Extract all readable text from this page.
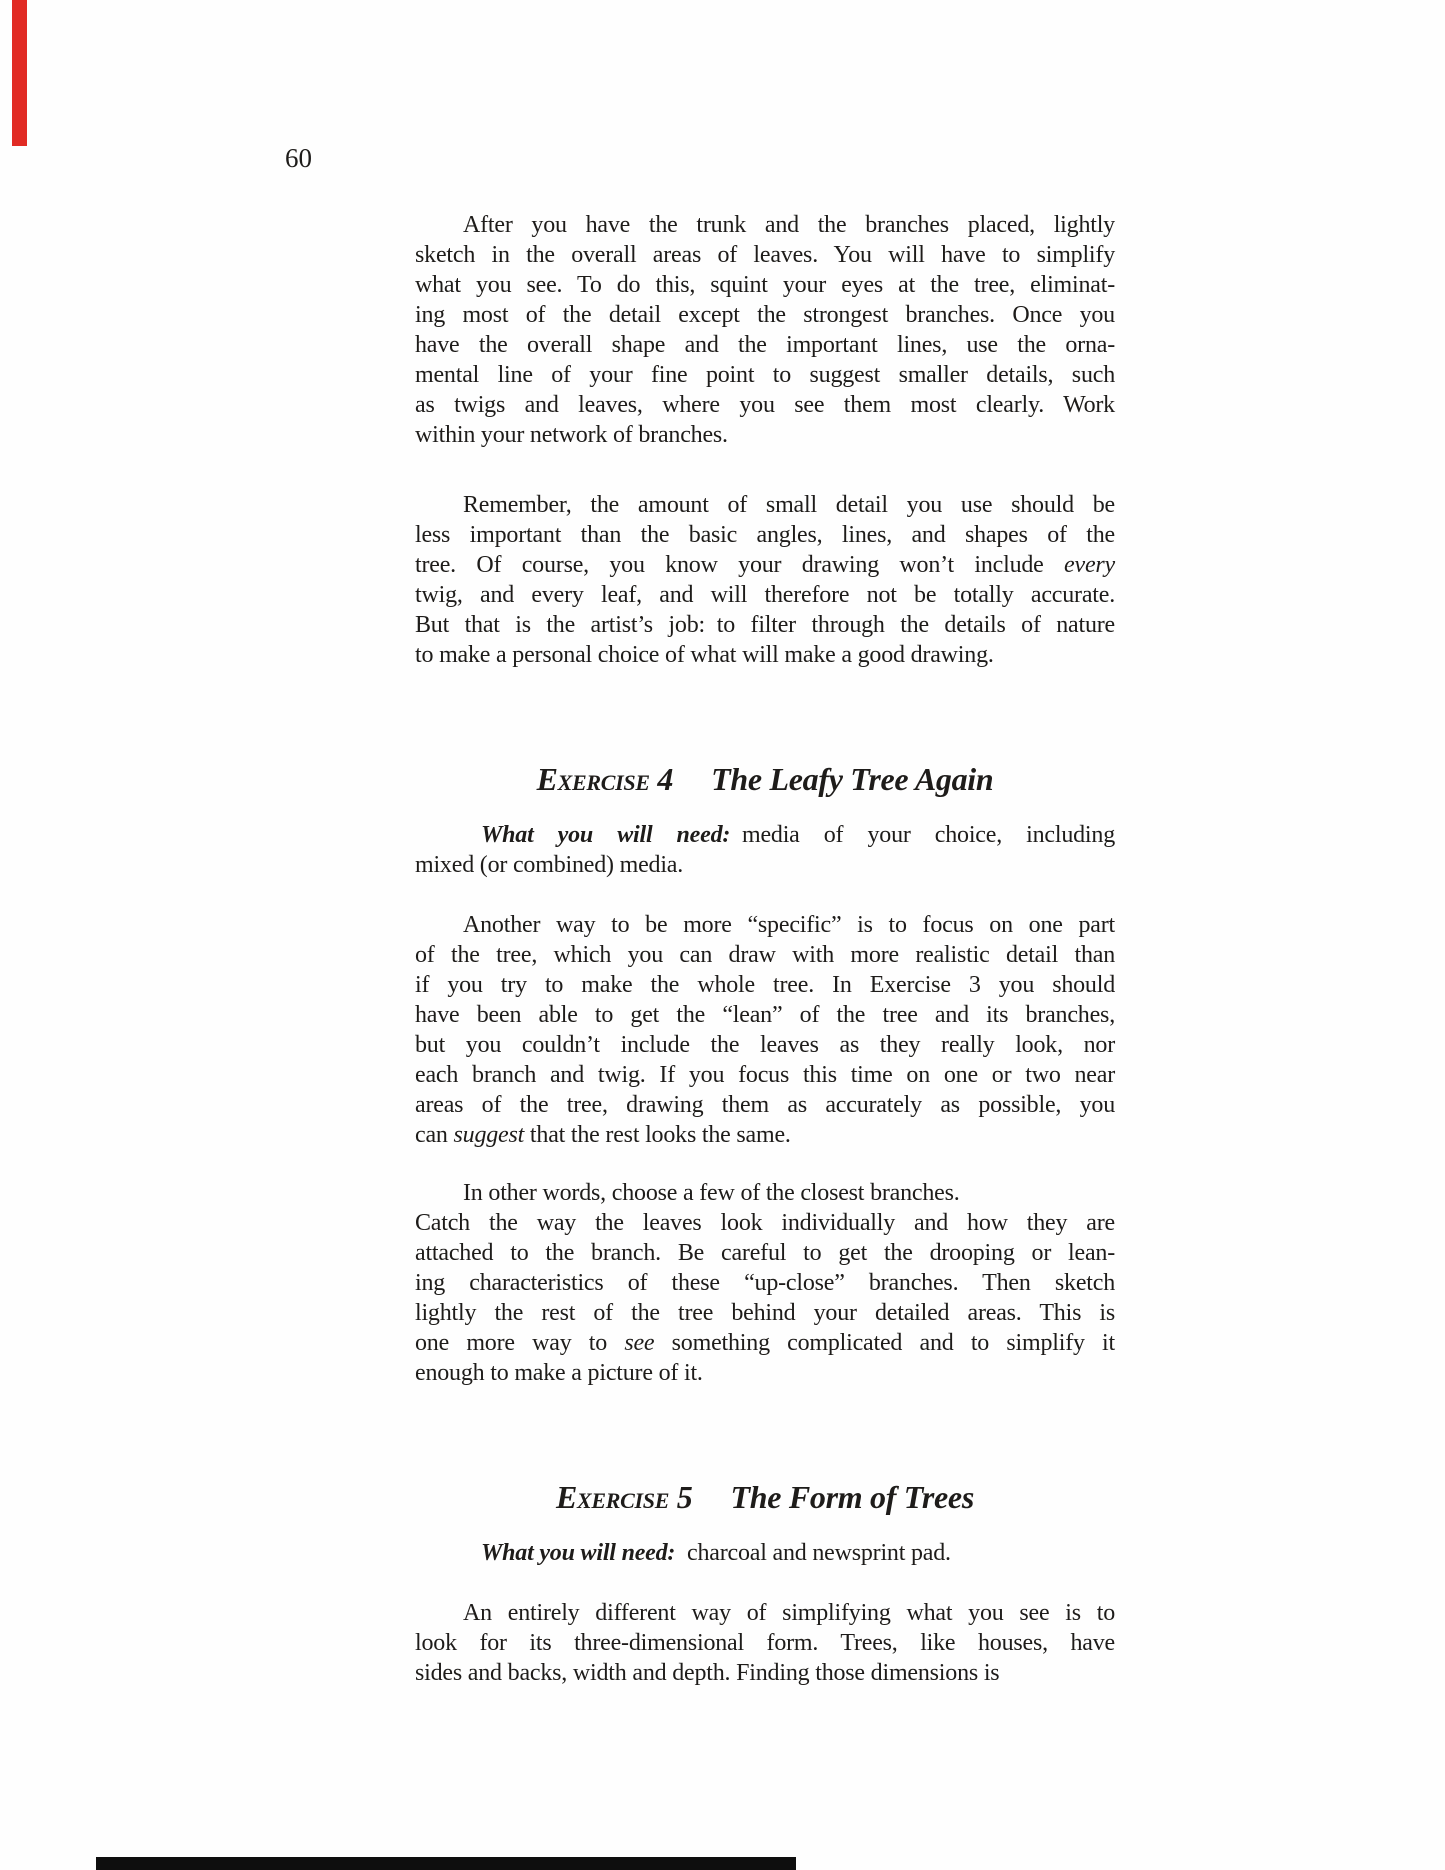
60

After you have the trunk and the branches placed, lightly
sketch in the overall areas of leaves. You will have to simplify
what you see. To do this, squint your eyes at the tree, eliminat-
ing most of the detail except the strongest branches. Once you
have the overall shape and the important lines, use the orna-
mental line of your fine point to suggest smaller details, such
as twigs and leaves, where you see them most clearly. Work
within your network of branches.

Remember, the amount of small detail you use should be
less important than the basic angles, lines, and shapes of the
tree. Of course, you know your drawing won’t include every
twig, and every leaf, and will therefore not be totally accurate.
But that is the artist’s job: to filter through the details of nature
to make a personal choice of what will make a good drawing.

Exercise 4 The Leafy Tree Again

What you will need: media of your choice, including
mixed (or combined) media.

Another way to be more “specific” is to focus on one part
of the tree, which you can draw with more realistic detail than
if you try to make the whole tree. In Exercise 3 you should
have been able to get the “lean” of the tree and its branches,
but you couldn’t include the leaves as they really look, nor
each branch and twig. If you focus this time on one or two near
areas of the tree, drawing them as accurately as possible, you
can suggest that the rest looks the same.

In other words, choose a few of the closest branches.
Catch the way the leaves look individually and how they are
attached to the branch. Be careful to get the drooping or lean-
ing characteristics of these “up-close” branches. Then sketch
lightly the rest of the tree behind your detailed areas. This is
one more way to see something complicated and to simplify it
enough to make a picture of it.

Exercise 5 The Form of Trees

What you will need: charcoal and newsprint pad.

An entirely different way of simplifying what you see is to
look for its three-dimensional form. Trees, like houses, have
sides and backs, width and depth. Finding those dimensions is
